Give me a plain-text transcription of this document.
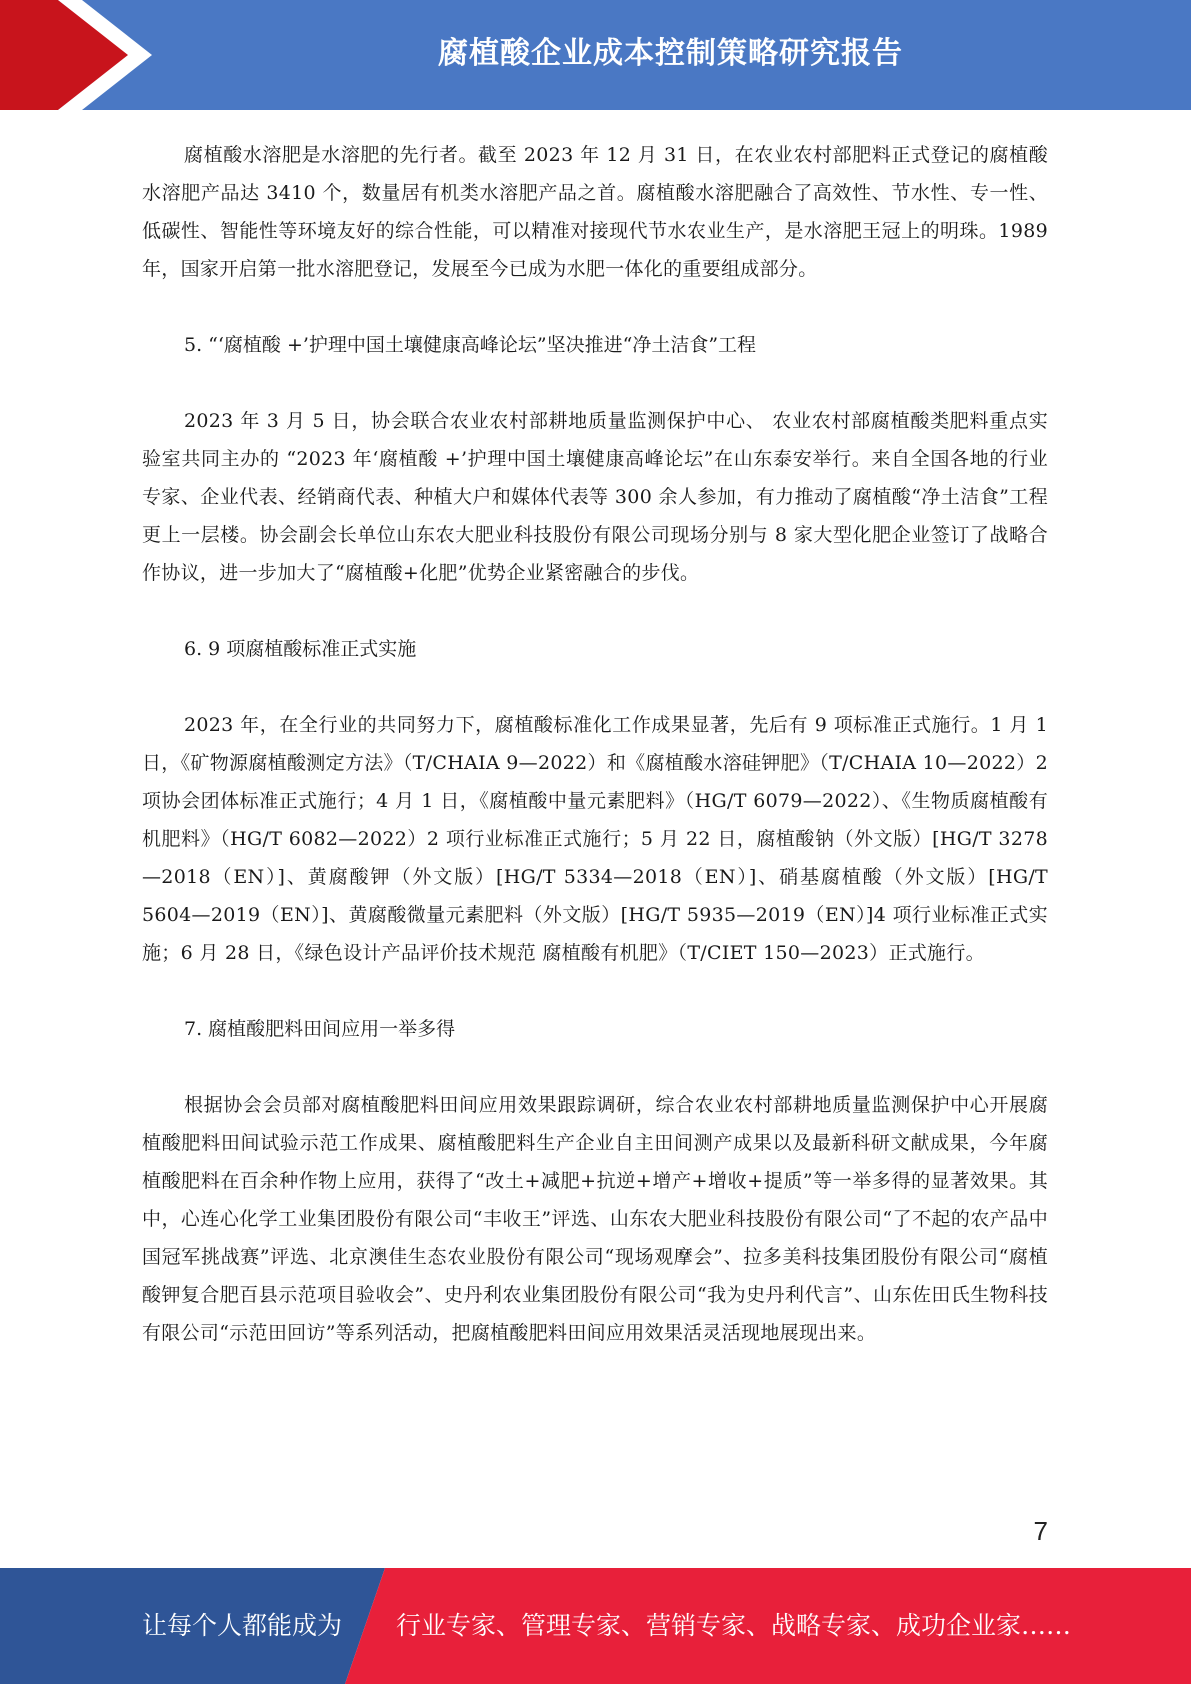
腐植酸企业成本控制策略研究报告

腐植酸水溶肥是水溶肥的先行者。截至 2023 年 12 月 31 日，在农业农村部肥料正式登记的腐植酸水溶肥产品达 3410 个，数量居有机类水溶肥产品之首。腐植酸水溶肥融合了高效性、节水性、专一性、低碳性、智能性等环境友好的综合性能，可以精准对接现代节水农业生产，是水溶肥王冠上的明珠。1989 年，国家开启第一批水溶肥登记，发展至今已成为水肥一体化的重要组成部分。

5. “‘腐植酸 +’护理中国土壤健康高峰论坛”坚决推进“净土洁食”工程

2023 年 3 月 5 日，协会联合农业农村部耕地质量监测保护中心、 农业农村部腐植酸类肥料重点实验室共同主办的 “2023 年‘腐植酸 +’护理中国土壤健康高峰论坛”在山东泰安举行。来自全国各地的行业专家、企业代表、经销商代表、种植大户和媒体代表等 300 余人参加，有力推动了腐植酸“净土洁食”工程更上一层楼。协会副会长单位山东农大肥业科技股份有限公司现场分别与 8 家大型化肥企业签订了战略合作协议，进一步加大了“腐植酸+化肥”优势企业紧密融合的步伐。

6. 9 项腐植酸标准正式实施

2023 年，在全行业的共同努力下，腐植酸标准化工作成果显著，先后有 9 项标准正式施行。1 月 1 日，《矿物源腐植酸测定方法》（T/CHAIA 9—2022）和《腐植酸水溶硅钾肥》（T/CHAIA 10—2022）2 项协会团体标准正式施行；4 月 1 日，《腐植酸中量元素肥料》（HG/T 6079—2022）、《生物质腐植酸有机肥料》（HG/T 6082—2022）2 项行业标准正式施行；5 月 22 日，腐植酸钠（外文版）[HG/T 3278—2018（EN）]、黄腐酸钾（外文版）[HG/T 5334—2018（EN）]、硝基腐植酸（外文版）[HG/T 5604—2019（EN）]、黄腐酸微量元素肥料（外文版）[HG/T 5935—2019（EN）]4 项行业标准正式实施；6 月 28 日，《绿色设计产品评价技术规范 腐植酸有机肥》（T/CIET 150—2023）正式施行。

7. 腐植酸肥料田间应用一举多得

根据协会会员部对腐植酸肥料田间应用效果跟踪调研，综合农业农村部耕地质量监测保护中心开展腐植酸肥料田间试验示范工作成果、腐植酸肥料生产企业自主田间测产成果以及最新科研文献成果，今年腐植酸肥料在百余种作物上应用，获得了“改土+减肥+抗逆+增产+增收+提质”等一举多得的显著效果。其中，心连心化学工业集团股份有限公司“丰收王”评选、山东农大肥业科技股份有限公司“了不起的农产品中国冠军挑战赛”评选、北京澳佳生态农业股份有限公司“现场观摩会”、拉多美科技集团股份有限公司“腐植酸钾复合肥百县示范项目验收会”、史丹利农业集团股份有限公司“我为史丹利代言”、山东佐田氏生物科技有限公司“示范田回访”等系列活动，把腐植酸肥料田间应用效果活灵活现地展现出来。

7
让每个人都能成为 行业专家、管理专家、营销专家、战略专家、成功企业家……
